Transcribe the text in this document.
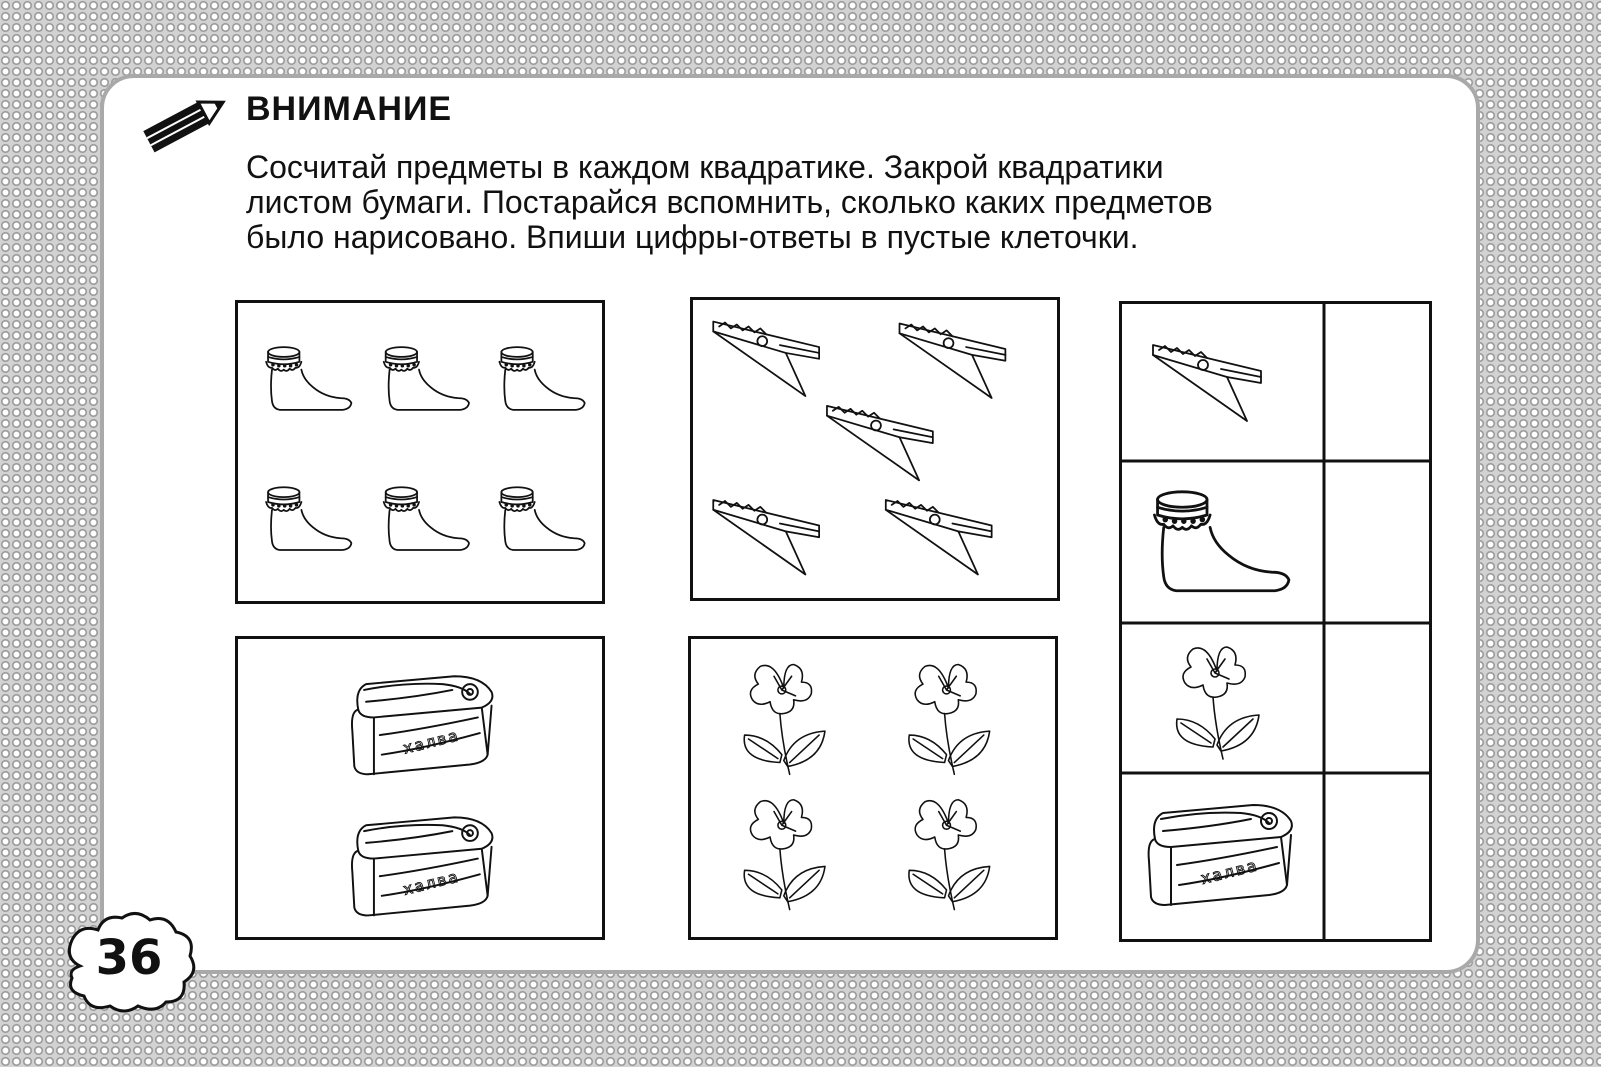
ВНИМАНИЕ

Сосчитай предметы в каждом квадратике. Закрой квадратики
листом бумаги. Постарайся вспомнить, сколько каких предметов
было нарисовано. Впиши цифры-ответы в пустые клеточки.

36
